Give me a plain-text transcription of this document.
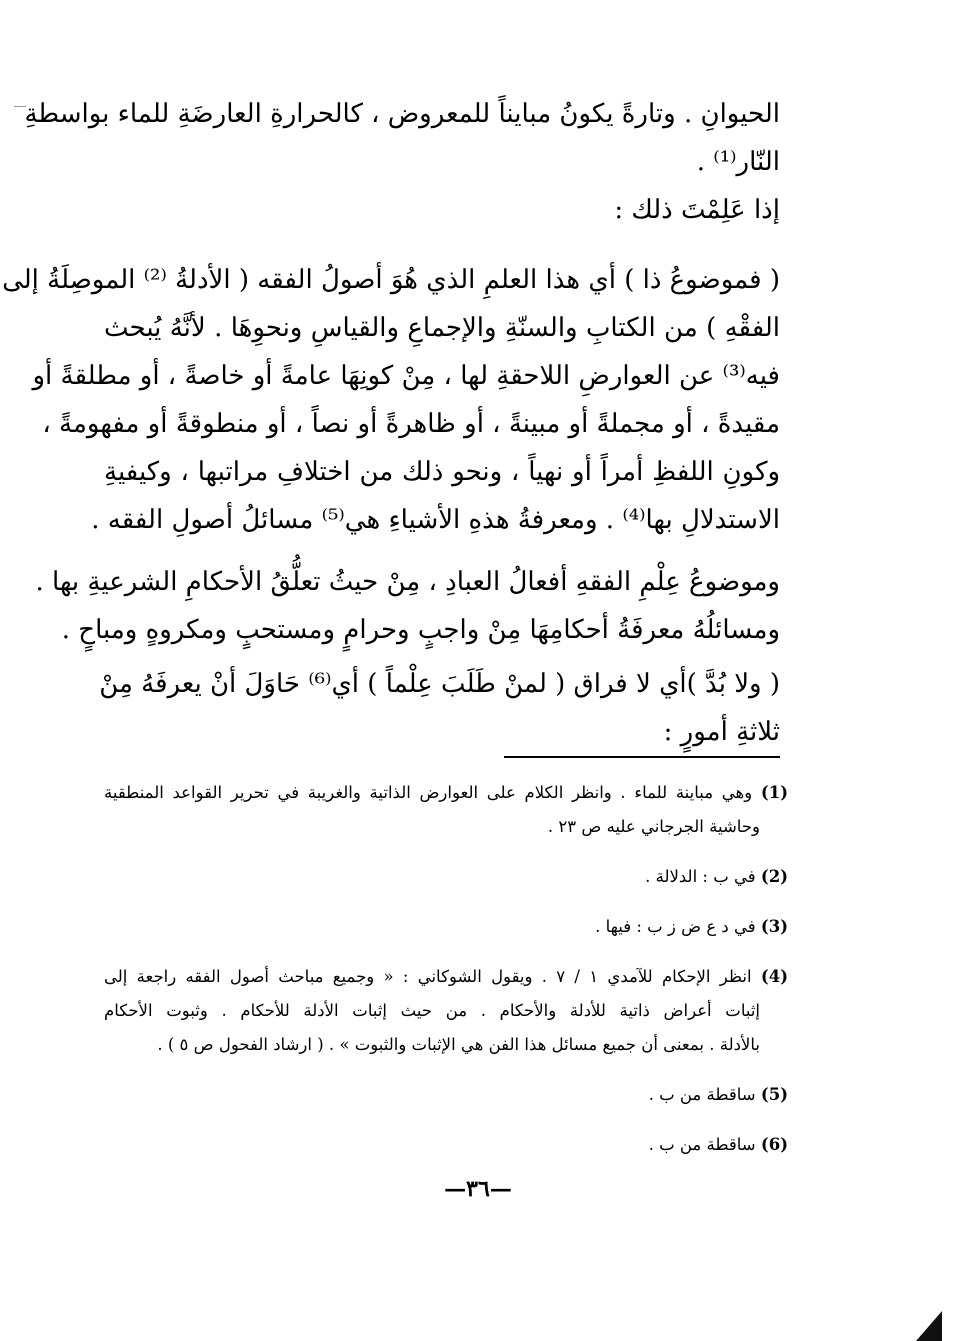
الحيوانِ . وتارةً يكونُ مبايناً للمعروض ، كالحرارةِ العارضَةِ للماء بواسطةِ
النّار⁽¹⁾ .
إذا عَلِمْتَ ذلك :
( فموضوعُ ذا ) أي هذا العلمِ الذي هُوَ أصولُ الفقه ( الأدلةُ ⁽²⁾ الموصِلَةُ إلى
الفقْهِ ) من الكتابِ والسنّةِ والإجماعِ والقياسِ ونحوِهَا . لأنَّهُ يُبحث
فيه⁽³⁾ عن العوارضِ اللاحقةِ لها ، مِنْ كونِهَا عامةً أو خاصةً ، أو مطلقةً أو
مقيدةً ، أو مجملةً أو مبينةً ، أو ظاهرةً أو نصاً ، أو منطوقةً أو مفهومةً ،
وكونِ اللفظِ أمراً أو نهياً ، ونحو ذلك من اختلافِ مراتبها ، وكيفيةِ
الاستدلالِ بها⁽⁴⁾ . ومعرفةُ هذهِ الأشياءِ هي⁽⁵⁾ مسائلُ أصولِ الفقه .
وموضوعُ عِلْمِ الفقهِ أفعالُ العبادِ ، مِنْ حيثُ تعلُّقُ الأحكامِ الشرعيةِ بها .
ومسائلُهُ معرفَةُ أحكامِهَا مِنْ واجبٍ وحرامٍ ومستحبٍ ومكروهٍ ومباحٍ .
( ولا بُدَّ )أي لا فراق ( لمنْ طَلَبَ عِلْماً ) أي⁽⁶⁾ حَاوَلَ أنْ يعرفَهُ مِنْ
ثلاثةِ أمورٍ :
(1) وهي مباينة للماء . وانظر الكلام على العوارض الذاتية والغريبة في تحرير القواعد المنطقية
وحاشية الجرجاني عليه ص ٢٣ .
(2) في ب : الدلالة .
(3) في د ع ض ز ب : فيها .
(4) انظر الإحكام للآمدي ١ / ٧ . ويقول الشوكاني : « وجميع مباحث أصول الفقه راجعة إلى
إثبات أعراض ذاتية للأدلة والأحكام . من حيث إثبات الأدلة للأحكام . وثبوت الأحكام
بالأدلة . بمعنى أن جميع مسائل هذا الفن هي الإثبات والثبوت » . ( ارشاد الفحول ص ٥ ) .
(5) ساقطة من ب .
(6) ساقطة من ب .
—٣٦—
